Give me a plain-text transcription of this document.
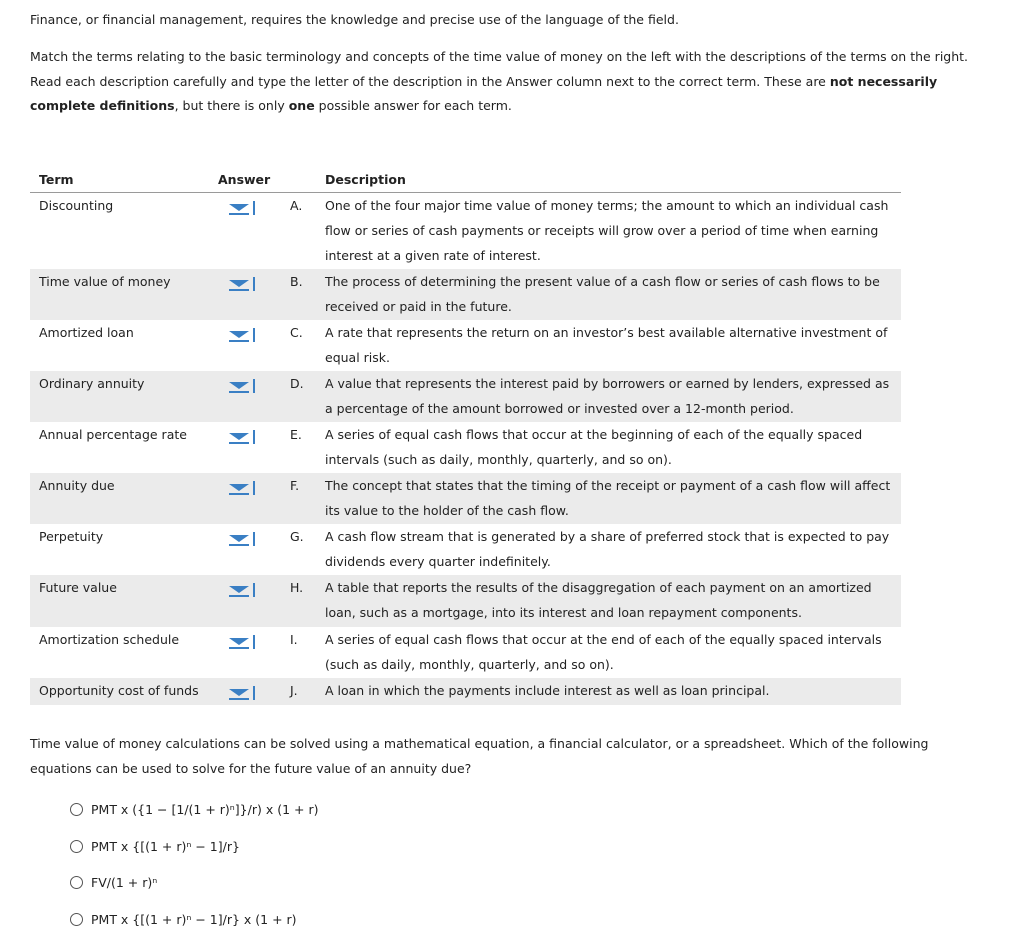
Finance, or financial management, requires the knowledge and precise use of the language of the field.
Match the terms relating to the basic terminology and concepts of the time value of money on the left with the descriptions of the terms on the right.
Read each description carefully and type the letter of the description in the Answer column next to the correct term. These are not necessarily
complete definitions, but there is only one possible answer for each term.
Term	Answer	Description
Discounting	A. One of the four major time value of money terms; the amount to which an individual cash flow or series of cash payments or receipts will grow over a period of time when earning interest at a given rate of interest.
Time value of money	B. The process of determining the present value of a cash flow or series of cash flows to be received or paid in the future.
Amortized loan	C. A rate that represents the return on an investor’s best available alternative investment of equal risk.
Ordinary annuity	D. A value that represents the interest paid by borrowers or earned by lenders, expressed as a percentage of the amount borrowed or invested over a 12-month period.
Annual percentage rate	E. A series of equal cash flows that occur at the beginning of each of the equally spaced intervals (such as daily, monthly, quarterly, and so on).
Annuity due	F. The concept that states that the timing of the receipt or payment of a cash flow will affect its value to the holder of the cash flow.
Perpetuity	G. A cash flow stream that is generated by a share of preferred stock that is expected to pay dividends every quarter indefinitely.
Future value	H. A table that reports the results of the disaggregation of each payment on an amortized loan, such as a mortgage, into its interest and loan repayment components.
Amortization schedule	I. A series of equal cash flows that occur at the end of each of the equally spaced intervals (such as daily, monthly, quarterly, and so on).
Opportunity cost of funds	J. A loan in which the payments include interest as well as loan principal.
Time value of money calculations can be solved using a mathematical equation, a financial calculator, or a spreadsheet. Which of the following
equations can be used to solve for the future value of an annuity due?
PMT x ({1 − [1/(1 + r)ⁿ]}/r) x (1 + r)
PMT x {[(1 + r)ⁿ − 1]/r}
FV/(1 + r)ⁿ
PMT x {[(1 + r)ⁿ − 1]/r} x (1 + r)
